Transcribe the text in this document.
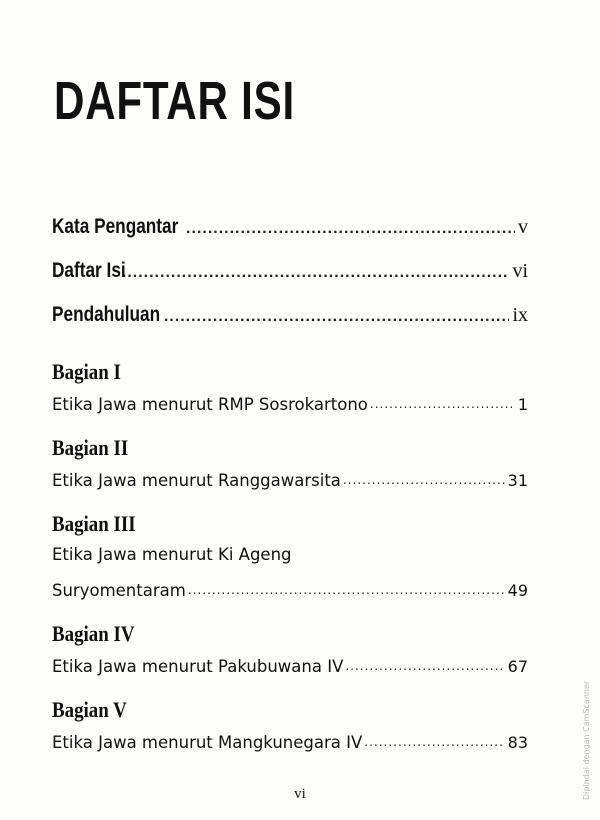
DAFTAR ISI
Kata Pengantar .....	v
Daftar Isi .....	vi
Pendahuluan .....	ix
Bagian I
Etika Jawa menurut RMP Sosrokartono .....	1
Bagian II
Etika Jawa menurut Ranggawarsita .....	31
Bagian III
Etika Jawa menurut Ki Ageng
Suryomentaram .....	49
Bagian IV
Etika Jawa menurut Pakubuwana IV .....	67
Bagian V
Etika Jawa menurut Mangkunegara IV .....	83
vi	Dipindai dengan CamScanner
